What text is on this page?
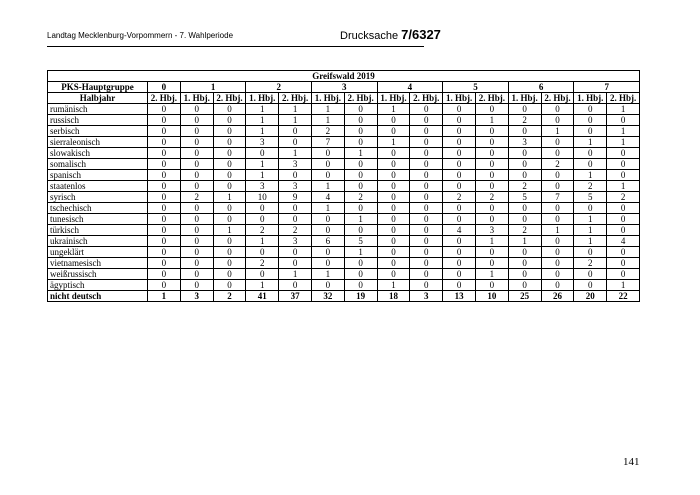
Landtag Mecklenburg-Vorpommern - 7. Wahlperiode	Drucksache 7/6327
Greifswald 2019															
PKS-Hauptgruppe	0	1		2		3		4		5		6		7	
Halbjahr	2. Hbj.	1. Hbj.	2. Hbj.	1. Hbj.	2. Hbj.	1. Hbj.	2. Hbj.	1. Hbj.	2. Hbj.	1. Hbj.	2. Hbj.	1. Hbj.	2. Hbj.	1. Hbj.	2. Hbj.
rumänisch	0	0	0	1	1	1	0	1	0	0	0	0	0	0	1
russisch	0	0	0	1	1	1	0	0	0	0	1	2	0	0	0
serbisch	0	0	0	1	0	2	0	0	0	0	0	0	1	0	1
sierraleonisch	0	0	0	3	0	7	0	1	0	0	0	3	0	1	1
slowakisch	0	0	0	0	1	0	1	0	0	0	0	0	0	0	0
somalisch	0	0	0	1	3	0	0	0	0	0	0	0	2	0	0
spanisch	0	0	0	1	0	0	0	0	0	0	0	0	0	1	0
staatenlos	0	0	0	3	3	1	0	0	0	0	0	2	0	2	1
syrisch	0	2	1	10	9	4	2	0	0	2	2	5	7	5	2
tschechisch	0	0	0	0	0	1	0	0	0	0	0	0	0	0	0
tunesisch	0	0	0	0	0	0	1	0	0	0	0	0	0	1	0
türkisch	0	0	1	2	2	0	0	0	0	4	3	2	1	1	0
ukrainisch	0	0	0	1	3	6	5	0	0	0	1	1	0	1	4
ungeklärt	0	0	0	0	0	0	1	0	0	0	0	0	0	0	0
vietnamesisch	0	0	0	2	0	0	0	0	0	0	0	0	0	2	0
weißrussisch	0	0	0	0	1	1	0	0	0	0	1	0	0	0	0
ägyptisch	0	0	0	1	0	0	0	1	0	0	0	0	0	0	1
nicht deutsch	1	3	2	41	37	32	19	18	3	13	10	25	26	20	22
141
